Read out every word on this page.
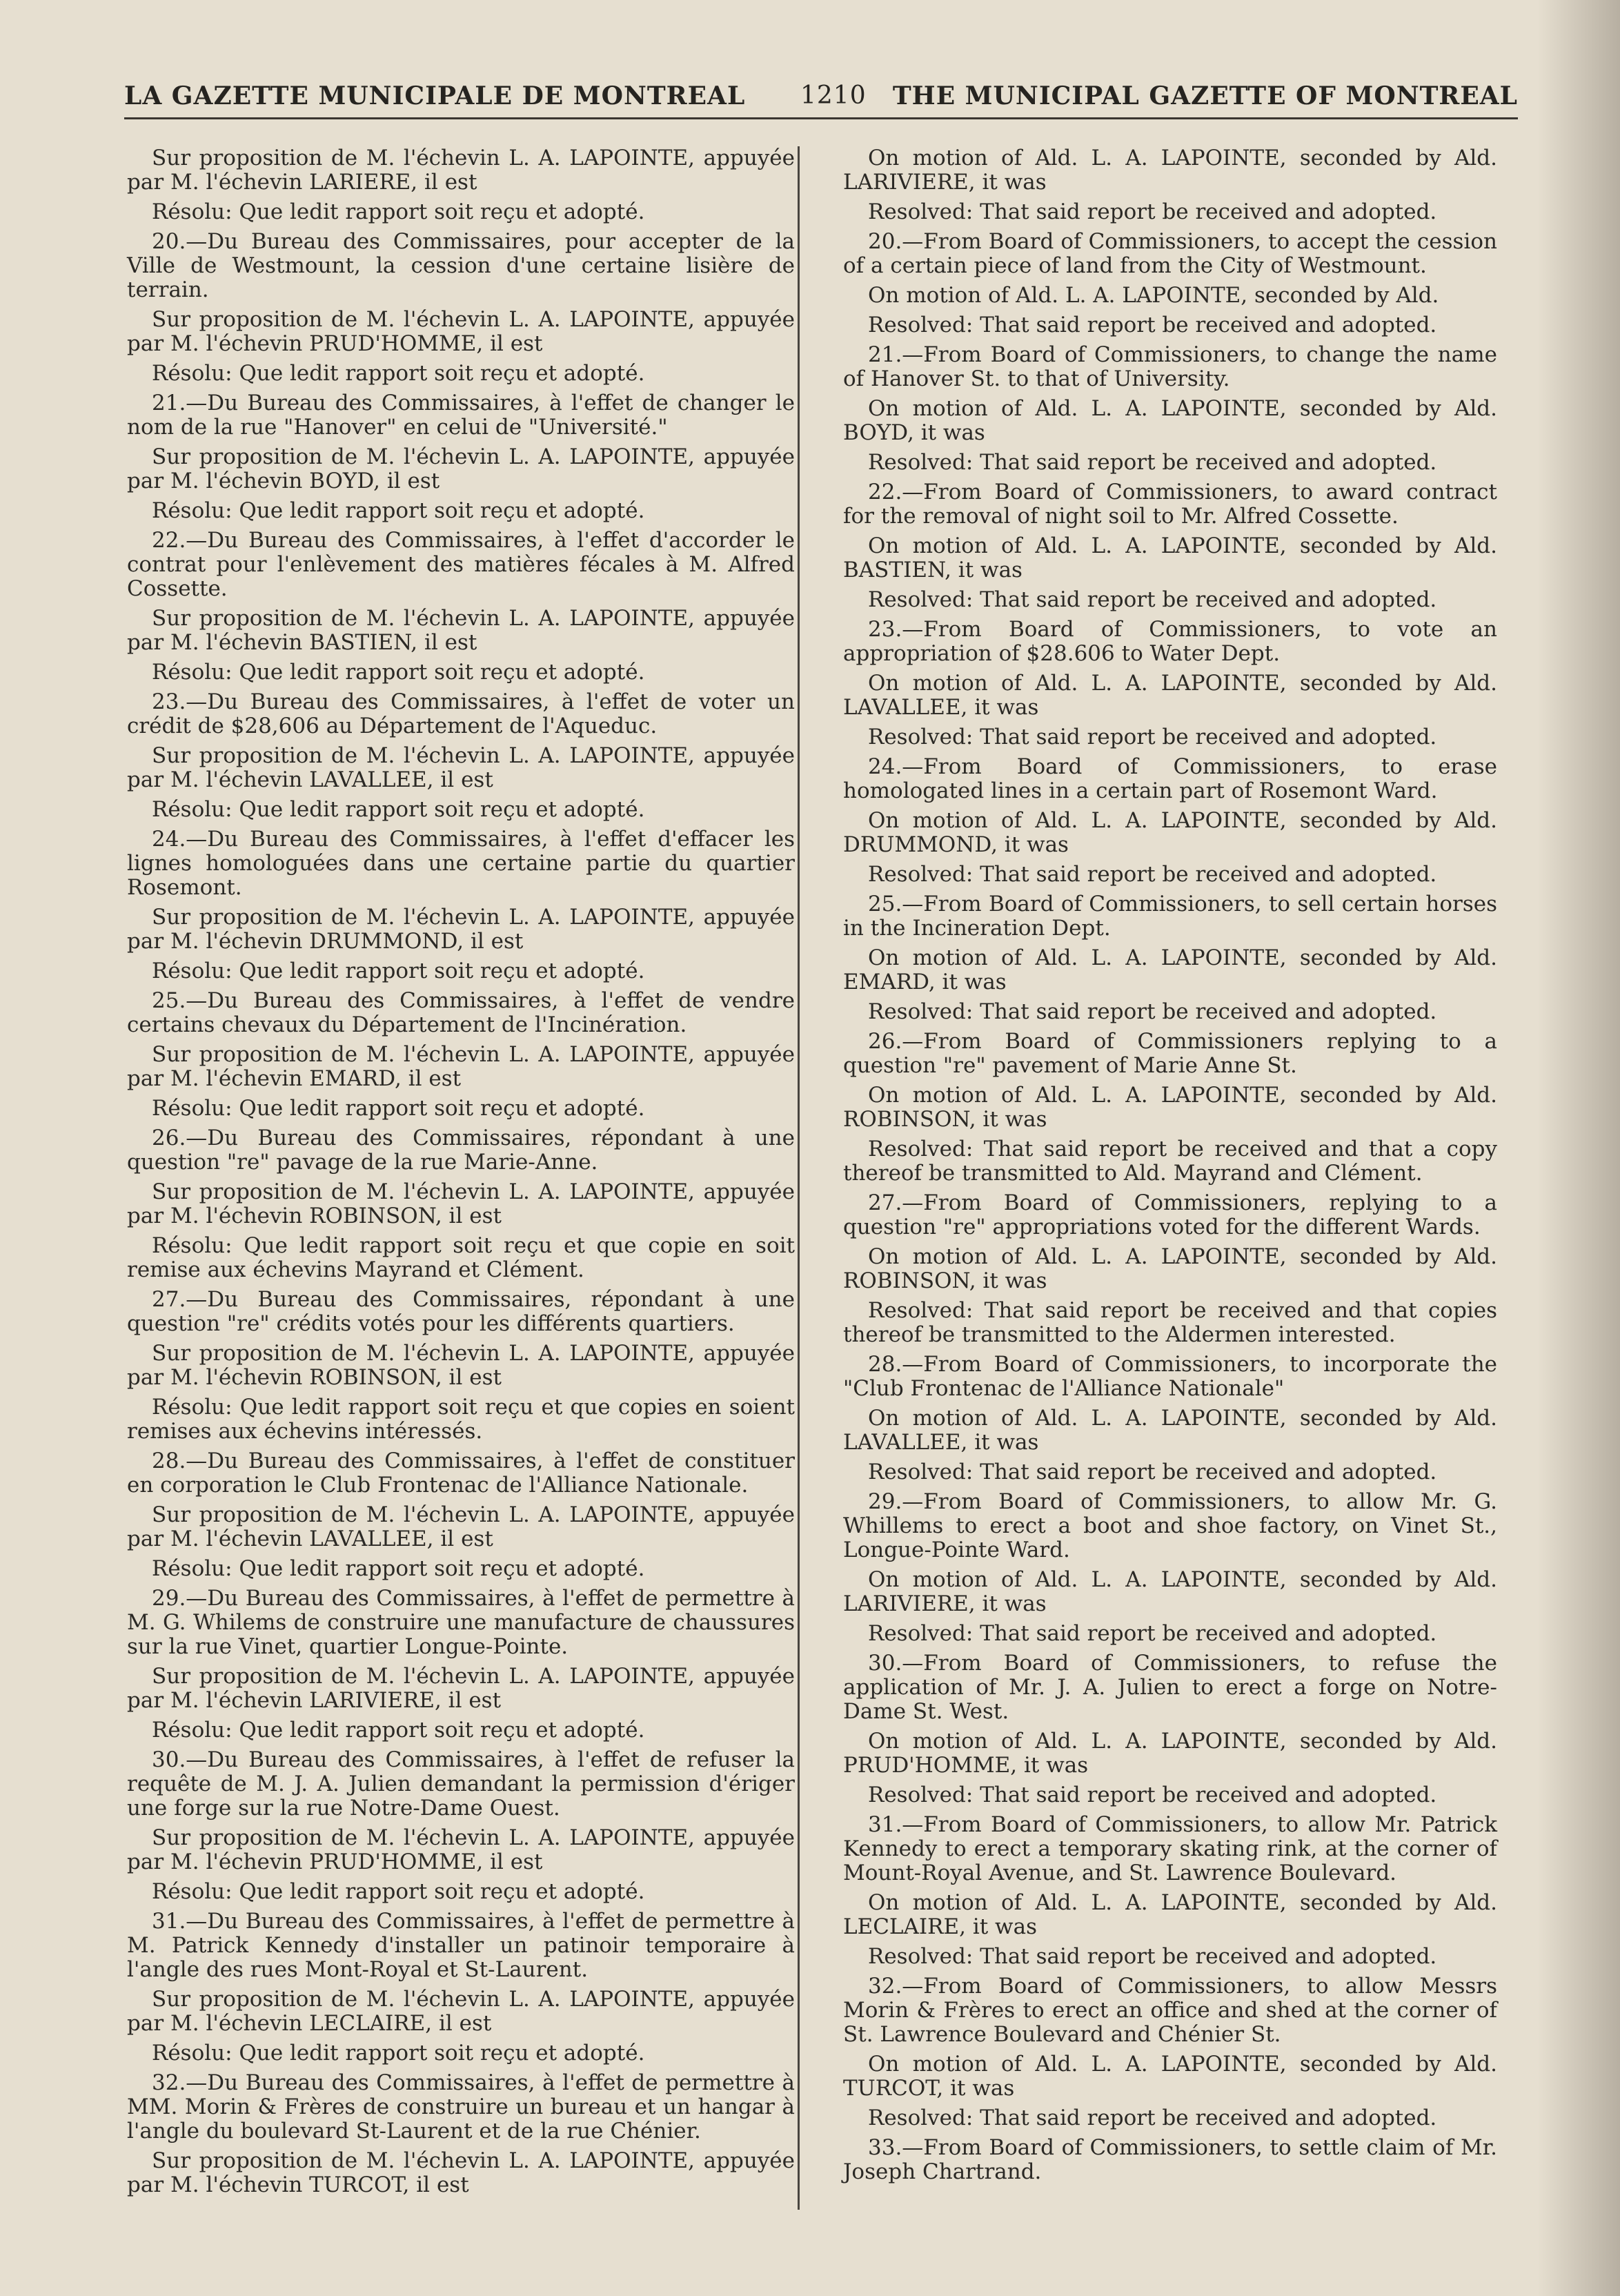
LA GAZETTE MUNICIPALE DE MONTREAL 1210 THE MUNICIPAL GAZETTE OF MONTREAL

Sur proposition de M. l'échevin L. A. LAPOINTE, appuyée par M. l'échevin LARIERE, il est

Résolu: Que ledit rapport soit reçu et adopté.

20.—Du Bureau des Commissaires, pour accepter de la Ville de Westmount, la cession d'une certaine lisière de terrain.

Sur proposition de M. l'échevin L. A. LAPOINTE, appuyée par M. l'échevin PRUD'HOMME, il est

Résolu: Que ledit rapport soit reçu et adopté.

21.—Du Bureau des Commissaires, à l'effet de changer le nom de la rue "Hanover" en celui de "Université."

Sur proposition de M. l'échevin L. A. LAPOINTE, appuyée par M. l'échevin BOYD, il est

Résolu: Que ledit rapport soit reçu et adopté.

22.—Du Bureau des Commissaires, à l'effet d'accorder le contrat pour l'enlèvement des matières fécales à M. Alfred Cossette.

Sur proposition de M. l'échevin L. A. LAPOINTE, appuyée par M. l'échevin BASTIEN, il est

Résolu: Que ledit rapport soit reçu et adopté.

23.—Du Bureau des Commissaires, à l'effet de voter un crédit de $28,606 au Département de l'Aqueduc.

Sur proposition de M. l'échevin L. A. LAPOINTE, appuyée par M. l'échevin LAVALLEE, il est

Résolu: Que ledit rapport soit reçu et adopté.

24.—Du Bureau des Commissaires, à l'effet d'effacer les lignes homologuées dans une certaine partie du quartier Rosemont.

Sur proposition de M. l'échevin L. A. LAPOINTE, appuyée par M. l'échevin DRUMMOND, il est

Résolu: Que ledit rapport soit reçu et adopté.

25.—Du Bureau des Commissaires, à l'effet de vendre certains chevaux du Département de l'Incinération.

Sur proposition de M. l'échevin L. A. LAPOINTE, appuyée par M. l'échevin EMARD, il est

Résolu: Que ledit rapport soit reçu et adopté.

26.—Du Bureau des Commissaires, répondant à une question "re" pavage de la rue Marie-Anne.

Sur proposition de M. l'échevin L. A. LAPOINTE, appuyée par M. l'échevin ROBINSON, il est

Résolu: Que ledit rapport soit reçu et que copie en soit remise aux échevins Mayrand et Clément.

27.—Du Bureau des Commissaires, répondant à une question "re" crédits votés pour les différents quartiers.

Sur proposition de M. l'échevin L. A. LAPOINTE, appuyée par M. l'échevin ROBINSON, il est

Résolu: Que ledit rapport soit reçu et que copies en soient remises aux échevins intéressés.

28.—Du Bureau des Commissaires, à l'effet de constituer en corporation le Club Frontenac de l'Alliance Nationale.

Sur proposition de M. l'échevin L. A. LAPOINTE, appuyée par M. l'échevin LAVALLEE, il est

Résolu: Que ledit rapport soit reçu et adopté.

29.—Du Bureau des Commissaires, à l'effet de permettre à M. G. Whilems de construire une manufacture de chaussures sur la rue Vinet, quartier Longue-Pointe.

Sur proposition de M. l'échevin L. A. LAPOINTE, appuyée par M. l'échevin LARIVIERE, il est

Résolu: Que ledit rapport soit reçu et adopté.

30.—Du Bureau des Commissaires, à l'effet de refuser la requête de M. J. A. Julien demandant la permission d'ériger une forge sur la rue Notre-Dame Ouest.

Sur proposition de M. l'échevin L. A. LAPOINTE, appuyée par M. l'échevin PRUD'HOMME, il est

Résolu: Que ledit rapport soit reçu et adopté.

31.—Du Bureau des Commissaires, à l'effet de permettre à M. Patrick Kennedy d'installer un patinoir temporaire à l'angle des rues Mont-Royal et St-Laurent.

Sur proposition de M. l'échevin L. A. LAPOINTE, appuyée par M. l'échevin LECLAIRE, il est

Résolu: Que ledit rapport soit reçu et adopté.

32.—Du Bureau des Commissaires, à l'effet de permettre à MM. Morin & Frères de construire un bureau et un hangar à l'angle du boulevard St-Laurent et de la rue Chénier.

Sur proposition de M. l'échevin L. A. LAPOINTE, appuyée par M. l'échevin TURCOT, il est

On motion of Ald. L. A. LAPOINTE, seconded by Ald. LARIVIERE, it was

Resolved: That said report be received and adopted.

20.—From Board of Commissioners, to accept the cession of a certain piece of land from the City of Westmount.

On motion of Ald. L. A. LAPOINTE, seconded by Ald.

Resolved: That said report be received and adopted.

21.—From Board of Commissioners, to change the name of Hanover St. to that of University.

On motion of Ald. L. A. LAPOINTE, seconded by Ald. BOYD, it was

Resolved: That said report be received and adopted.

22.—From Board of Commissioners, to award contract for the removal of night soil to Mr. Alfred Cossette.

On motion of Ald. L. A. LAPOINTE, seconded by Ald. BASTIEN, it was

Resolved: That said report be received and adopted.

23.—From Board of Commissioners, to vote an appropriation of $28.606 to Water Dept.

On motion of Ald. L. A. LAPOINTE, seconded by Ald. LAVALLEE, it was

Resolved: That said report be received and adopted.

24.—From Board of Commissioners, to erase homologated lines in a certain part of Rosemont Ward.

On motion of Ald. L. A. LAPOINTE, seconded by Ald. DRUMMOND, it was

Resolved: That said report be received and adopted.

25.—From Board of Commissioners, to sell certain horses in the Incineration Dept.

On motion of Ald. L. A. LAPOINTE, seconded by Ald. EMARD, it was

Resolved: That said report be received and adopted.

26.—From Board of Commissioners replying to a question "re" pavement of Marie Anne St.

On motion of Ald. L. A. LAPOINTE, seconded by Ald. ROBINSON, it was

Resolved: That said report be received and that a copy thereof be transmitted to Ald. Mayrand and Clément.

27.—From Board of Commissioners, replying to a question "re" appropriations voted for the different Wards.

On motion of Ald. L. A. LAPOINTE, seconded by Ald. ROBINSON, it was

Resolved: That said report be received and that copies thereof be transmitted to the Aldermen interested.

28.—From Board of Commissioners, to incorporate the "Club Frontenac de l'Alliance Nationale"

On motion of Ald. L. A. LAPOINTE, seconded by Ald. LAVALLEE, it was

Resolved: That said report be received and adopted.

29.—From Board of Commissioners, to allow Mr. G. Whillems to erect a boot and shoe factory, on Vinet St., Longue-Pointe Ward.

On motion of Ald. L. A. LAPOINTE, seconded by Ald. LARIVIERE, it was

Resolved: That said report be received and adopted.

30.—From Board of Commissioners, to refuse the application of Mr. J. A. Julien to erect a forge on Notre-Dame St. West.

On motion of Ald. L. A. LAPOINTE, seconded by Ald. PRUD'HOMME, it was

Resolved: That said report be received and adopted.

31.—From Board of Commissioners, to allow Mr. Patrick Kennedy to erect a temporary skating rink, at the corner of Mount-Royal Avenue, and St. Lawrence Boulevard.

On motion of Ald. L. A. LAPOINTE, seconded by Ald. LECLAIRE, it was

Resolved: That said report be received and adopted.

32.—From Board of Commissioners, to allow Messrs Morin & Frères to erect an office and shed at the corner of St. Lawrence Boulevard and Chénier St.

On motion of Ald. L. A. LAPOINTE, seconded by Ald. TURCOT, it was

Resolved: That said report be received and adopted.

33.—From Board of Commissioners, to settle claim of Mr. Joseph Chartrand.
